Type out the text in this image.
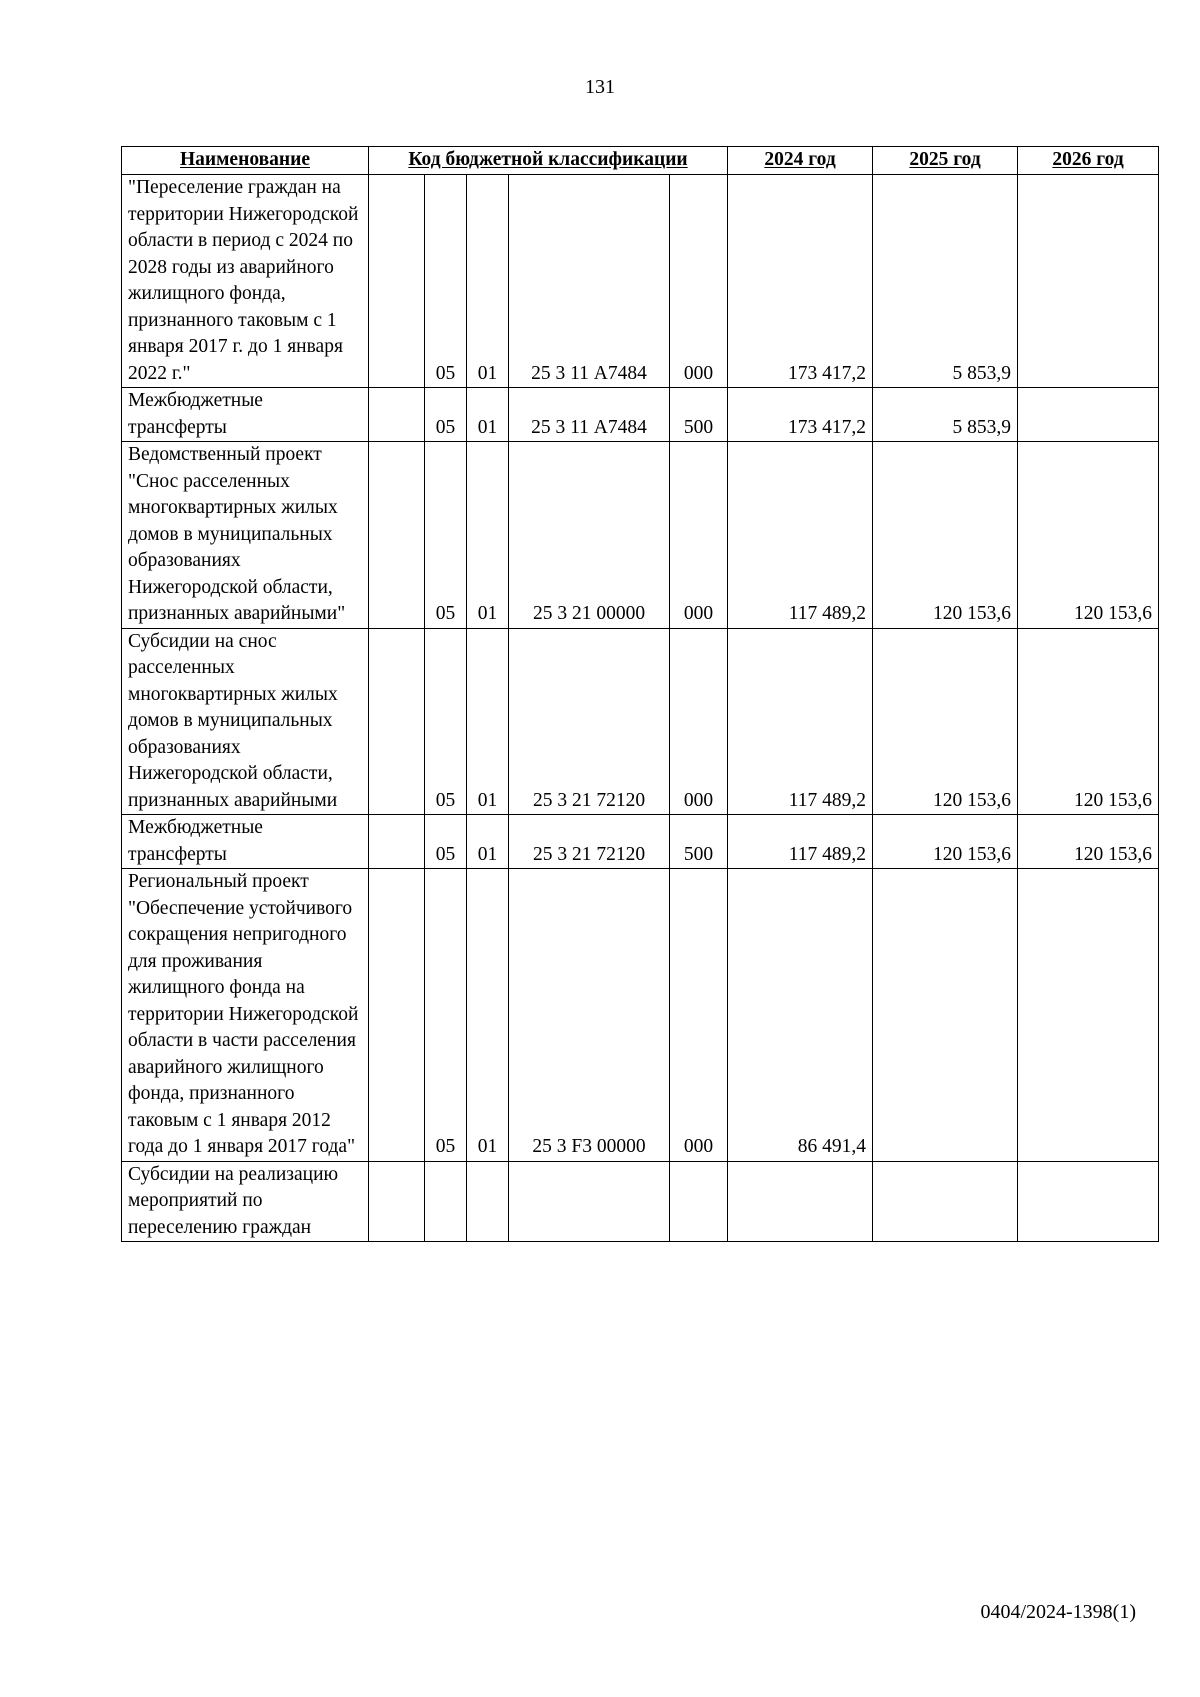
131
Наименование	Код бюджетной классификации					2024 год	2025 год	2026 год
"Переселение граждан на территории Нижегородской области в период с 2024 по 2028 годы из аварийного жилищного фонда, признанного таковым с 1 января 2017 г. до 1 января 2022 г."		05	01	25 3 11 А7484	000	173 417,2	5 853,9	
Межбюджетные трансферты		05	01	25 3 11 А7484	500	173 417,2	5 853,9	
Ведомственный проект "Снос расселенных многоквартирных жилых домов в муниципальных образованиях Нижегородской области, признанных аварийными"		05	01	25 3 21 00000	000	117 489,2	120 153,6	120 153,6
Субсидии на снос расселенных многоквартирных жилых домов в муниципальных образованиях Нижегородской области, признанных аварийными		05	01	25 3 21 72120	000	117 489,2	120 153,6	120 153,6
Межбюджетные трансферты		05	01	25 3 21 72120	500	117 489,2	120 153,6	120 153,6
Региональный проект "Обеспечение устойчивого сокращения непригодного для проживания жилищного фонда на территории Нижегородской области в части расселения аварийного жилищного фонда, признанного таковым с 1 января 2012 года до 1 января 2017 года"		05	01	25 3 F3 00000	000	86 491,4		
Субсидии на реализацию мероприятий по переселению граждан								
0404/2024-1398(1)
